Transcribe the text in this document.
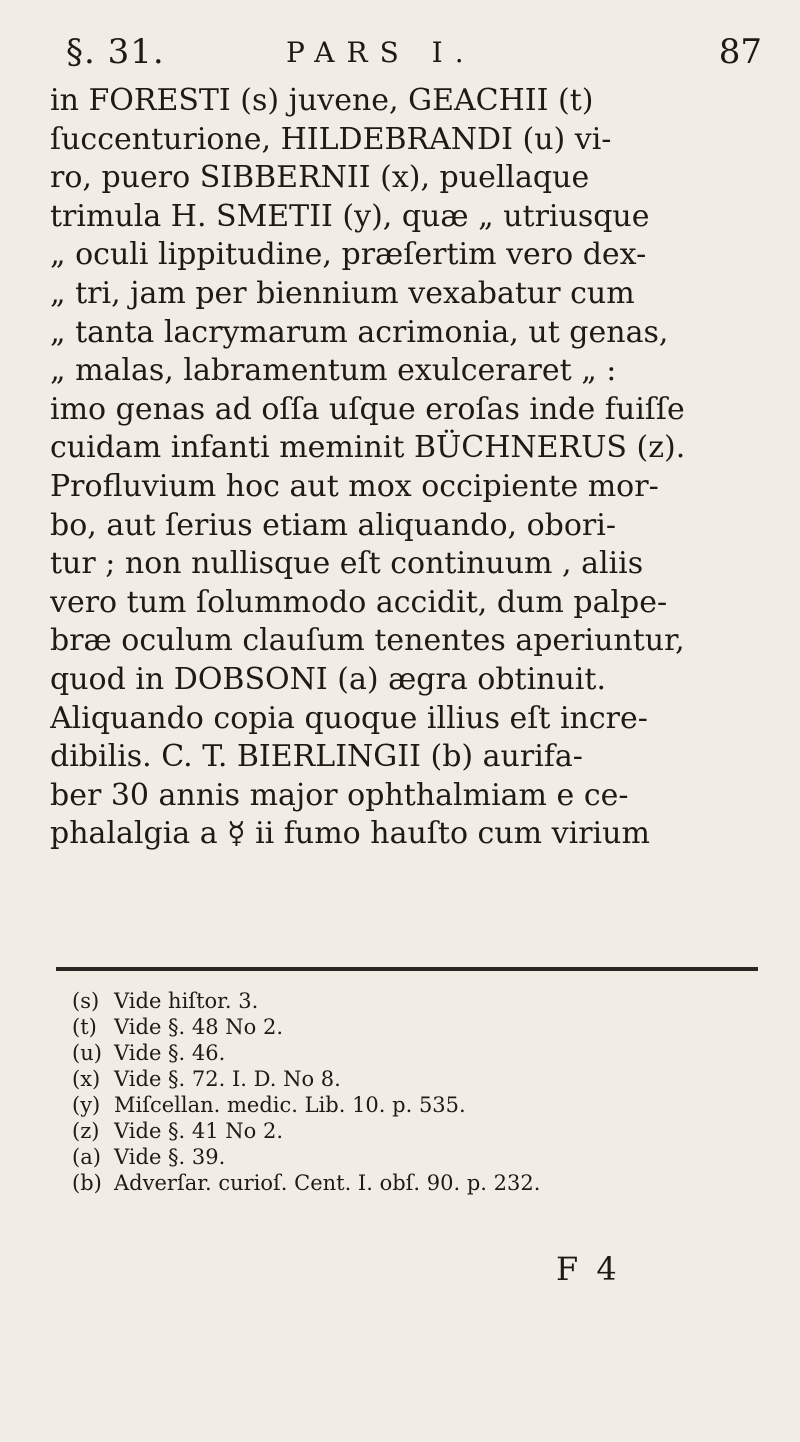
§. 31.	PARS I.	87
in FORESTI (s) juvene, GEACHII (t)
ſuccenturione, HILDEBRANDI (u) vi-
ro, puero SIBBERNII (x), puellaque
trimula H. SMETII (y), quæ „ utriusque
„ oculi lippitudine, præſertim vero dex-
„ tri, jam per biennium vexabatur cum
„ tanta lacrymarum acrimonia, ut genas,
„ malas, labramentum exulceraret „ :
imo genas ad oſſa uſque eroſas inde fuiſſe
cuidam infanti meminit BÜCHNERUS (z).
Profluvium hoc aut mox occipiente mor-
bo, aut ſerius etiam aliquando, obori-
tur ; non nullisque eſt continuum , aliis
vero tum ſolummodo accidit, dum palpe-
bræ oculum clauſum tenentes aperiuntur,
quod in DOBSONI (a) ægra obtinuit.
Aliquando copia quoque illius eſt incre-
dibilis. C. T. BIERLINGII (b) aurifa-
ber 30 annis major ophthalmiam e ce-
phalalgia a ☿ ii fumo hauſto cum virium
(s) Vide hiſtor. 3.
(t) Vide §. 48 No 2.
(u) Vide §. 46.
(x) Vide §. 72. I. D. No 8.
(y) Miſcellan. medic. Lib. 10. p. 535.
(z) Vide §. 41 No 2.
(a) Vide §. 39.
(b) Adverſar. curioſ. Cent. I. obſ. 90. p. 232.
F 4
